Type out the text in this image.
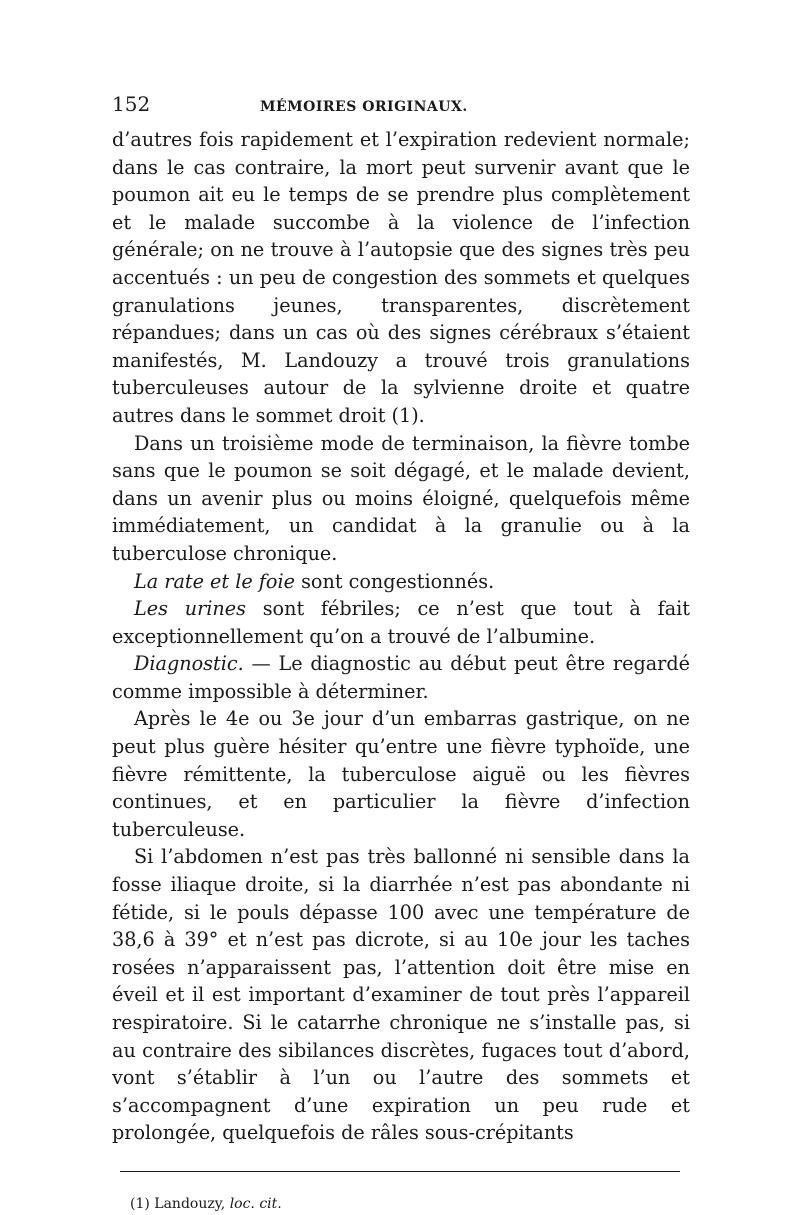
152	MÉMOIRES ORIGINAUX.

d’autres fois rapidement et l’expiration redevient normale; dans le cas contraire, la mort peut survenir avant que le poumon ait eu le temps de se prendre plus complètement et le malade succombe à la violence de l’infection générale; on ne trouve à l’autopsie que des signes très peu accentués : un peu de congestion des sommets et quelques granulations jeunes, transparentes, discrètement répandues; dans un cas où des signes cérébraux s’étaient manifestés, M. Landouzy a trouvé trois granulations tuberculeuses autour de la sylvienne droite et quatre autres dans le sommet droit (1).

Dans un troisième mode de terminaison, la fièvre tombe sans que le poumon se soit dégagé, et le malade devient, dans un avenir plus ou moins éloigné, quelquefois même immédiatement, un candidat à la granulie ou à la tuberculose chronique.

La rate et le foie sont congestionnés.

Les urines sont fébriles; ce n’est que tout à fait exceptionnellement qu’on a trouvé de l’albumine.

Diagnostic. — Le diagnostic au début peut être regardé comme impossible à déterminer.

Après le 4e ou 3e jour d’un embarras gastrique, on ne peut plus guère hésiter qu’entre une fièvre typhoïde, une fièvre rémittente, la tuberculose aiguë ou les fièvres continues, et en particulier la fièvre d’infection tuberculeuse.

Si l’abdomen n’est pas très ballonné ni sensible dans la fosse iliaque droite, si la diarrhée n’est pas abondante ni fétide, si le pouls dépasse 100 avec une température de 38,6 à 39° et n’est pas dicrote, si au 10e jour les taches rosées n’apparaissent pas, l’attention doit être mise en éveil et il est important d’examiner de tout près l’appareil respiratoire. Si le catarrhe chronique ne s’installe pas, si au contraire des sibilances discrètes, fugaces tout d’abord, vont s’établir à l’un ou l’autre des sommets et s’accompagnent d’une expiration un peu rude et prolongée, quelquefois de râles sous-crépitants

(1) Landouzy, loc. cit.
